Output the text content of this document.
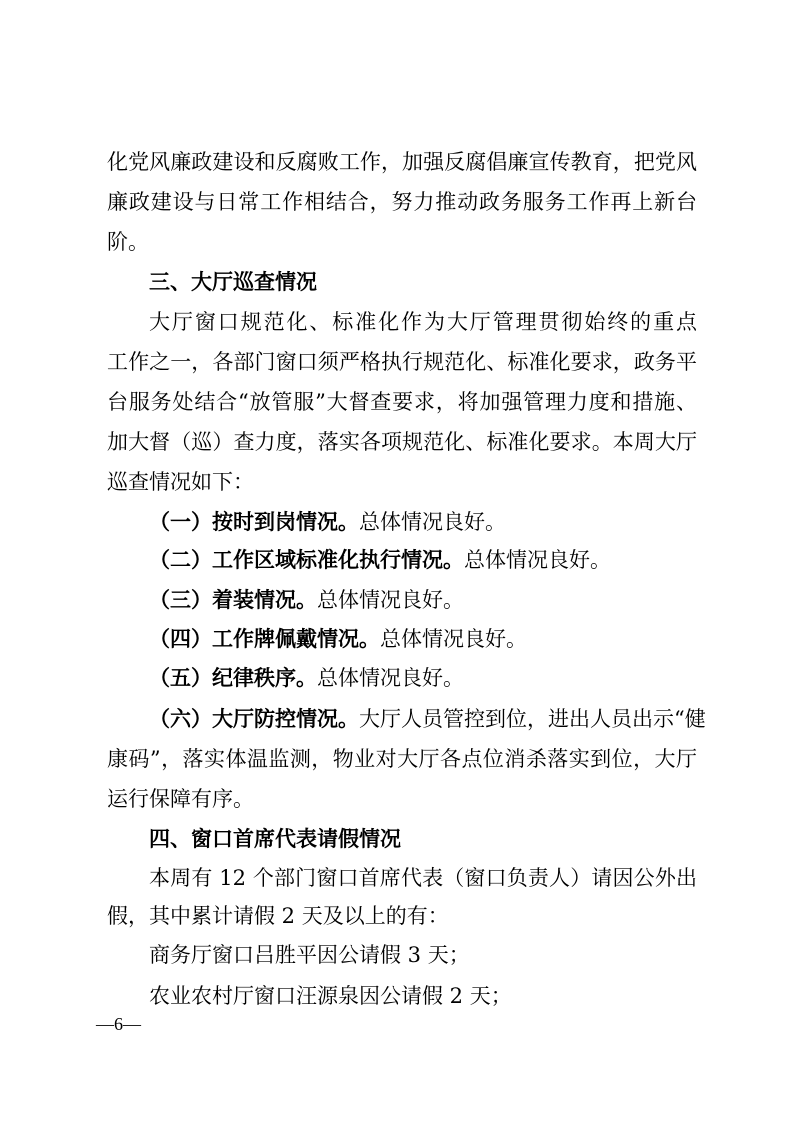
化党风廉政建设和反腐败工作，加强反腐倡廉宣传教育，把党风
廉政建设与日常工作相结合，努力推动政务服务工作再上新台
阶。
三、大厅巡查情况
大厅窗口规范化、标准化作为大厅管理贯彻始终的重点
工作之一，各部门窗口须严格执行规范化、标准化要求，政务平
台服务处结合“放管服”大督查要求，将加强管理力度和措施、
加大督（巡）查力度，落实各项规范化、标准化要求。本周大厅
巡查情况如下：
（一）按时到岗情况。总体情况良好。
（二）工作区域标准化执行情况。总体情况良好。
（三）着装情况。总体情况良好。
（四）工作牌佩戴情况。总体情况良好。
（五）纪律秩序。总体情况良好。
（六）大厅防控情况。大厅人员管控到位，进出人员出示“健
康码”，落实体温监测，物业对大厅各点位消杀落实到位，大厅
运行保障有序。
四、窗口首席代表请假情况
本周有 12 个部门窗口首席代表（窗口负责人）请因公外出
假，其中累计请假 2 天及以上的有：
商务厅窗口吕胜平因公请假 3 天；
农业农村厅窗口汪源泉因公请假 2 天；
—6—
